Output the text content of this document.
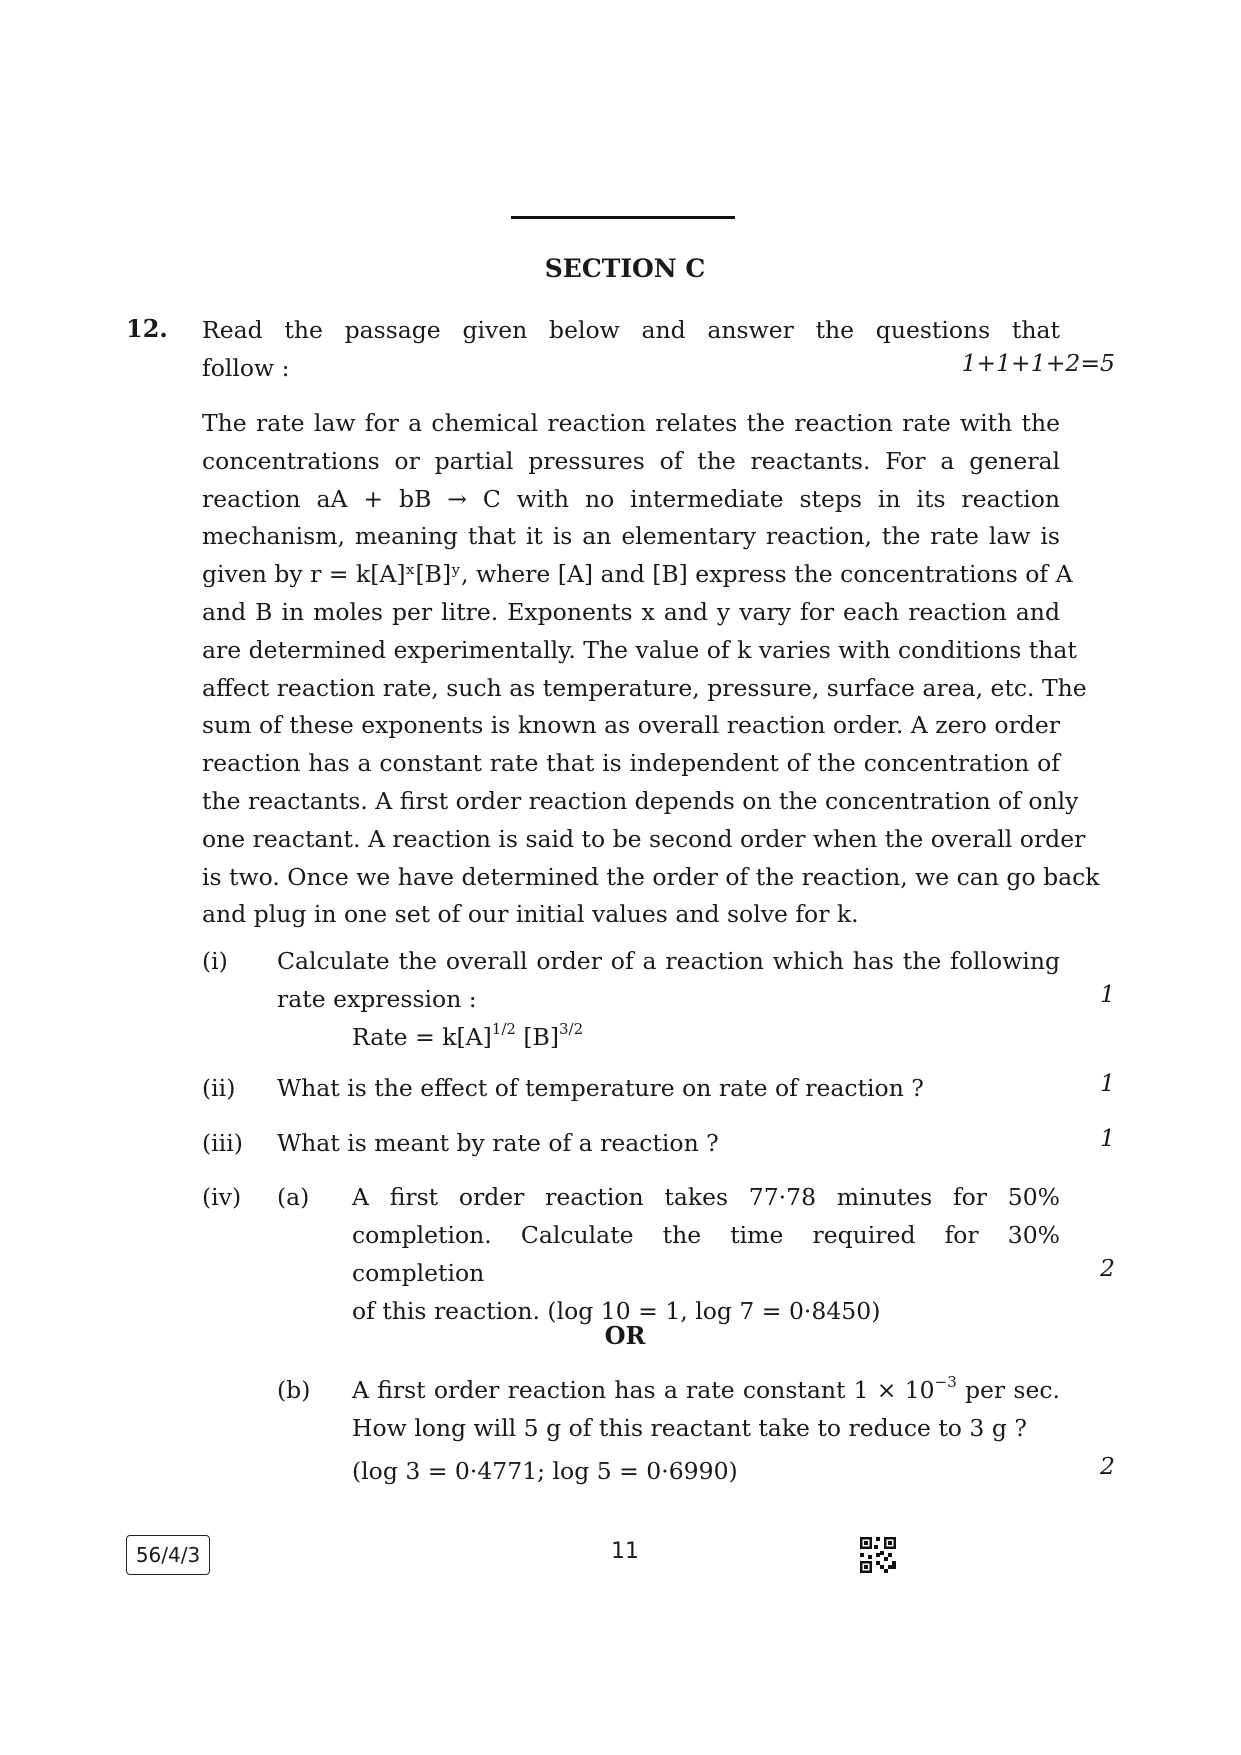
SECTION C
12. Read the passage given below and answer the questions that
follow :	1+1+1+2=5
The rate law for a chemical reaction relates the reaction rate with the
concentrations or partial pressures of the reactants. For a general
reaction aA + bB → C with no intermediate steps in its reaction
mechanism, meaning that it is an elementary reaction, the rate law is
given by r = k[A]ˣ[B]ʸ, where [A] and [B] express the concentrations of A
and B in moles per litre. Exponents x and y vary for each reaction and
are determined experimentally. The value of k varies with conditions that
affect reaction rate, such as temperature, pressure, surface area, etc. The
sum of these exponents is known as overall reaction order. A zero order
reaction has a constant rate that is independent of the concentration of
the reactants. A first order reaction depends on the concentration of only
one reactant. A reaction is said to be second order when the overall order
is two. Once we have determined the order of the reaction, we can go back
and plug in one set of our initial values and solve for k.
(i) Calculate the overall order of a reaction which has the following
rate expression :	1
Rate = $k[A]^{1/2}$ $[B]^{3/2}$
(ii) What is the effect of temperature on rate of reaction ?	1
(iii) What is meant by rate of a reaction ?	1
(iv) (a) A first order reaction takes 77·78 minutes for 50%
completion. Calculate the time required for 30% completion
of this reaction. (log 10 = 1, log 7 = 0·8450)
2
OR
(b) A first order reaction has a rate constant $1 \times 10^{-3}$ per sec.
How long will 5 g of this reactant take to reduce to 3 g ?
(log 3 = 0·4771; log 5 = 0·6990)	2
56/4/3	11
